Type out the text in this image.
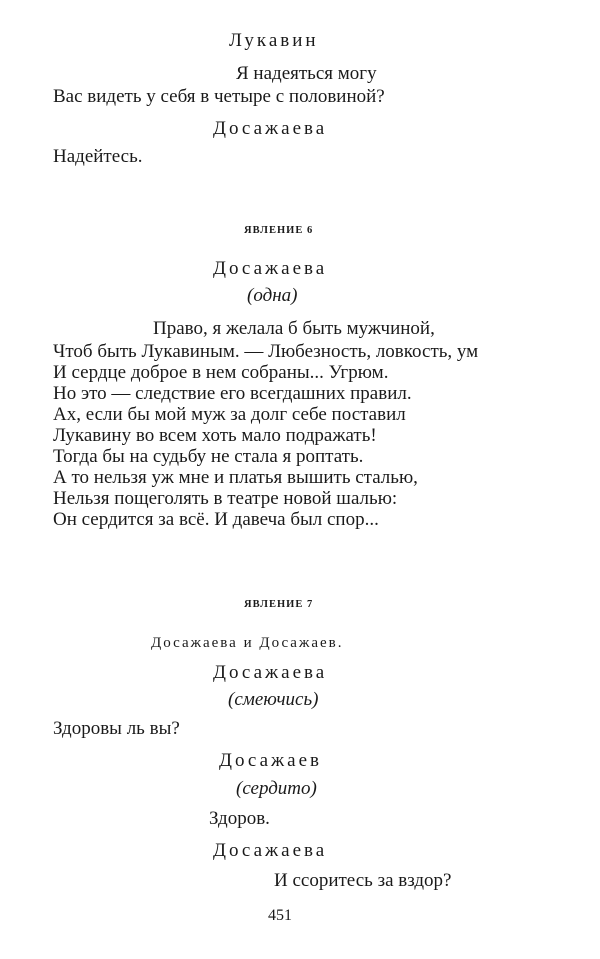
Лукавин
Я надеяться могу
Вас видеть у себя в четыре с половиной?
Досажаева
Надейтесь.
ЯВЛЕНИЕ 6
Досажаева
(одна)
Право, я желала б быть мужчиной,
Чтоб быть Лукавиным. — Любезность, ловкость, ум
И сердце доброе в нем собраны... Угрюм.
Но это — следствие его всегдашних правил.
Ах, если бы мой муж за долг себе поставил
Лукавину во всем хоть мало подражать!
Тогда бы на судьбу не стала я роптать.
А то нельзя уж мне и платья вышить сталью,
Нельзя пощеголять в театре новой шалью:
Он сердится за всё. И давеча был спор...
ЯВЛЕНИЕ 7
Досажаева и Досажаев.
Досажаева
(смеючись)
Здоровы ль вы?
Досажаев
(сердито)
Здоров.
Досажаева
И ссоритесь за вздор?
451
